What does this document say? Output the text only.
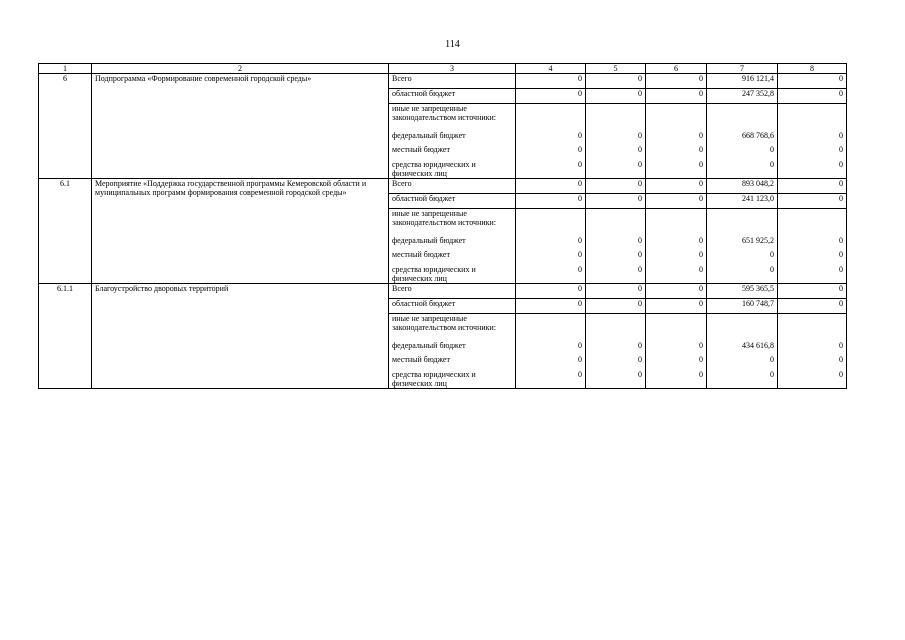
114
1	2	3	4	5	6	7	8
6	Подпрограмма «Формирование современной городской среды»	Всего	0	0	0	916 121,4	0
		областной бюджет	0	0	0	247 352,8	0
		иные не запрещенные законодательством источники:					
		федеральный бюджет	0	0	0	668 768,6	0
		местный бюджет	0	0	0	0	0
		средства юридических и физических лиц	0	0	0	0	0
6.1	Мероприятие «Поддержка государственной программы Кемеровской области и муниципальных программ формирования современной городской среды»	Всего	0	0	0	893 048,2	0
		областной бюджет	0	0	0	241 123,0	0
		иные не запрещенные законодательством источники:					
		федеральный бюджет	0	0	0	651 925,2	0
		местный бюджет	0	0	0	0	0
		средства юридических и физических лиц	0	0	0	0	0
6.1.1	Благоустройство дворовых территорий	Всего	0	0	0	595 365,5	0
		областной бюджет	0	0	0	160 748,7	0
		иные не запрещенные законодательством источники:					
		федеральный бюджет	0	0	0	434 616,8	0
		местный бюджет	0	0	0	0	0
		средства юридических и физических лиц	0	0	0	0	0
